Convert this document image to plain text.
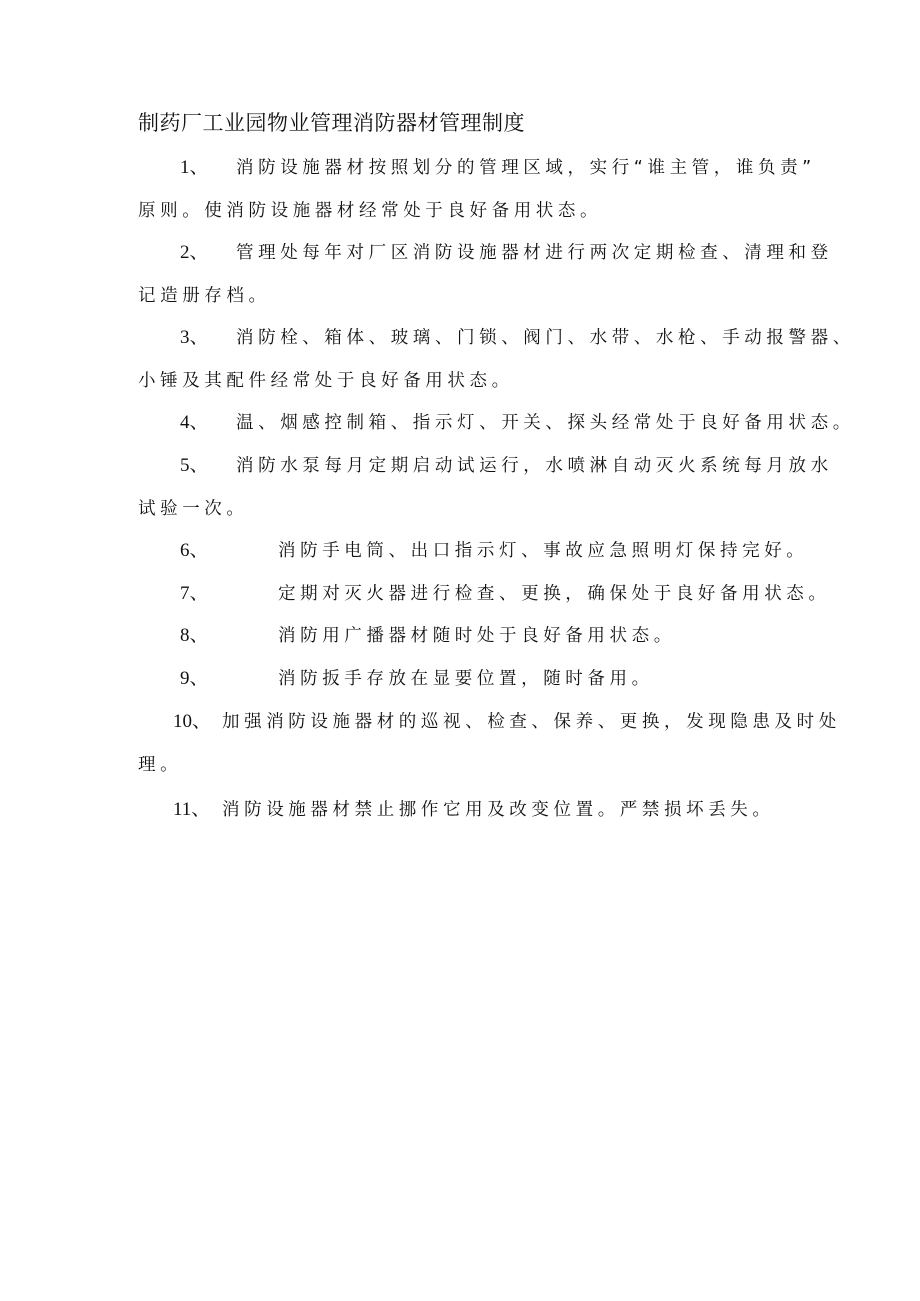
制药厂工业园物业管理消防器材管理制度
1、 消防设施器材按照划分的管理区域，实行“谁主管，谁负责”
原则。使消防设施器材经常处于良好备用状态。
2、 管理处每年对厂区消防设施器材进行两次定期检查、清理和登
记造册存档。
3、 消防栓、箱体、玻璃、门锁、阀门、水带、水枪、手动报警器、
小锤及其配件经常处于良好备用状态。
4、 温、烟感控制箱、指示灯、开关、探头经常处于良好备用状态。
5、 消防水泵每月定期启动试运行，水喷淋自动灭火系统每月放水
试验一次。
6、	消防手电筒、出口指示灯、事故应急照明灯保持完好。
7、	定期对灭火器进行检查、更换，确保处于良好备用状态。
8、	消防用广播器材随时处于良好备用状态。
9、	消防扳手存放在显要位置，随时备用。
10、 加强消防设施器材的巡视、检查、保养、更换，发现隐患及时处
理。
11、 消防设施器材禁止挪作它用及改变位置。严禁损坏丢失。
